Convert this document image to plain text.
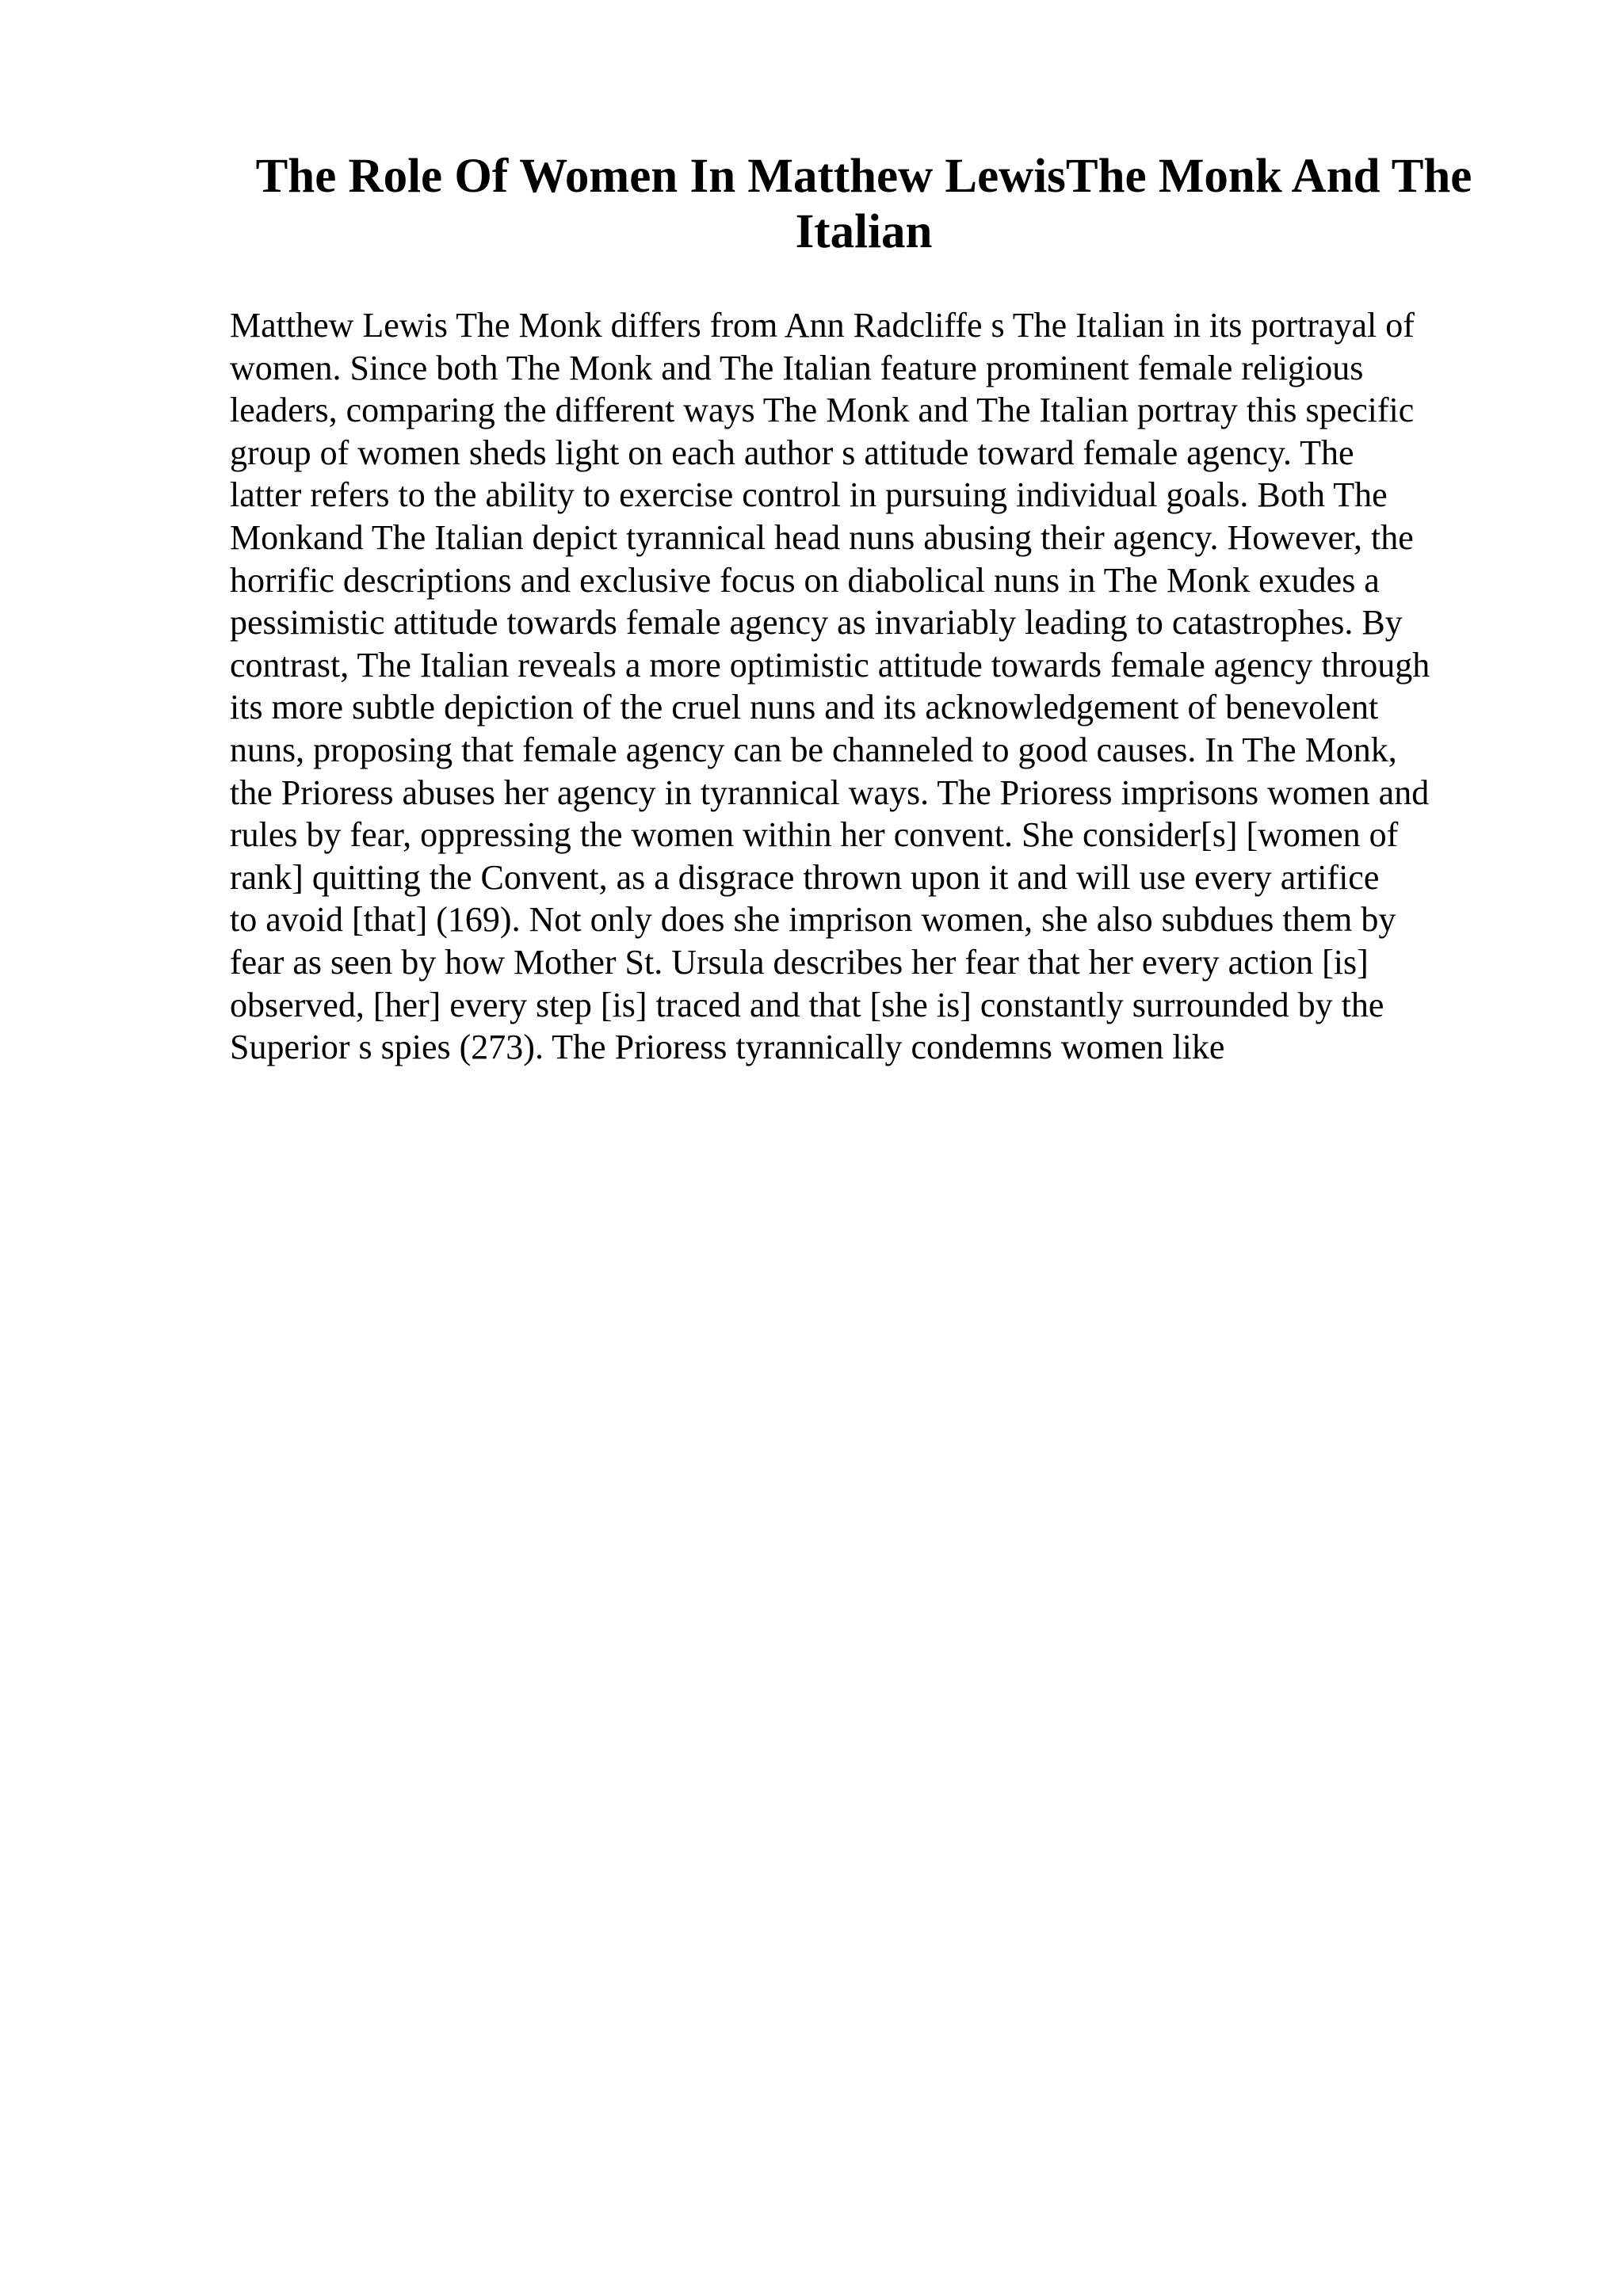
The Role Of Women In Matthew LewisThe Monk And The Italian
Matthew Lewis The Monk differs from Ann Radcliffe s The Italian in its portrayal of
women. Since both The Monk and The Italian feature prominent female religious
leaders, comparing the different ways The Monk and The Italian portray this specific
group of women sheds light on each author s attitude toward female agency. The
latter refers to the ability to exercise control in pursuing individual goals. Both The
Monkand The Italian depict tyrannical head nuns abusing their agency. However, the
horrific descriptions and exclusive focus on diabolical nuns in The Monk exudes a
pessimistic attitude towards female agency as invariably leading to catastrophes. By
contrast, The Italian reveals a more optimistic attitude towards female agency through
its more subtle depiction of the cruel nuns and its acknowledgement of benevolent
nuns, proposing that female agency can be channeled to good causes. In The Monk,
the Prioress abuses her agency in tyrannical ways. The Prioress imprisons women and
rules by fear, oppressing the women within her convent. She consider[s] [women of
rank] quitting the Convent, as a disgrace thrown upon it and will use every artifice
to avoid [that] (169). Not only does she imprison women, she also subdues them by
fear as seen by how Mother St. Ursula describes her fear that her every action [is]
observed, [her] every step [is] traced and that [she is] constantly surrounded by the
Superior s spies (273). The Prioress tyrannically condemns women like
